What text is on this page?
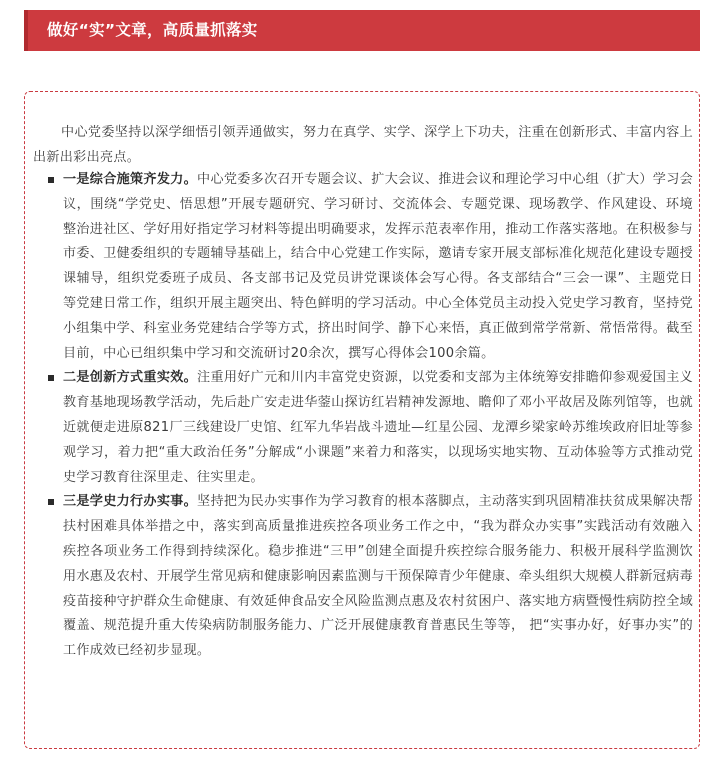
做好“实”文章，高质量抓落实

中心党委坚持以深学细悟引领弄通做实，努力在真学、实学、深学上下功夫，注重在创新形式、丰富内容上出新出彩出亮点。

一是综合施策齐发力。中心党委多次召开专题会议、扩大会议、推进会议和理论学习中心组（扩大）学习会议，围绕“学党史、悟思想”开展专题研究、学习研讨、交流体会、专题党课、现场教学、作风建设、环境整治进社区、学好用好指定学习材料等提出明确要求，发挥示范表率作用，推动工作落实落地。在积极参与市委、卫健委组织的专题辅导基础上，结合中心党建工作实际，邀请专家开展支部标准化规范化建设专题授课辅导，组织党委班子成员、各支部书记及党员讲党课谈体会写心得。各支部结合“三会一课”、主题党日等党建日常工作，组织开展主题突出、特色鲜明的学习活动。中心全体党员主动投入党史学习教育，坚持党小组集中学、科室业务党建结合学等方式，挤出时间学、静下心来悟，真正做到常学常新、常悟常得。截至目前，中心已组织集中学习和交流研讨20余次，撰写心得体会100余篇。
二是创新方式重实效。注重用好广元和川内丰富党史资源，以党委和支部为主体统筹安排瞻仰参观爱国主义教育基地现场教学活动，先后赴广安走进华蓥山探访红岩精神发源地、瞻仰了邓小平故居及陈列馆等，也就近就便走进原821厂三线建设厂史馆、红军九华岩战斗遗址—红星公园、龙潭乡梁家岭苏维埃政府旧址等参观学习，着力把“重大政治任务”分解成“小课题”来着力和落实，以现场实地实物、互动体验等方式推动党史学习教育往深里走、往实里走。
三是学史力行办实事。坚持把为民办实事作为学习教育的根本落脚点，主动落实到巩固精准扶贫成果解决帮扶村困难具体举措之中，落实到高质量推进疾控各项业务工作之中，“我为群众办实事”实践活动有效融入疾控各项业务工作得到持续深化。稳步推进“三甲”创建全面提升疾控综合服务能力、积极开展科学监测饮用水惠及农村、开展学生常见病和健康影响因素监测与干预保障青少年健康、牵头组织大规模人群新冠病毒疫苗接种守护群众生命健康、有效延伸食品安全风险监测点惠及农村贫困户、落实地方病暨慢性病防控全域覆盖、规范提升重大传染病防制服务能力、广泛开展健康教育普惠民生等等， 把“实事办好，好事办实”的工作成效已经初步显现。
